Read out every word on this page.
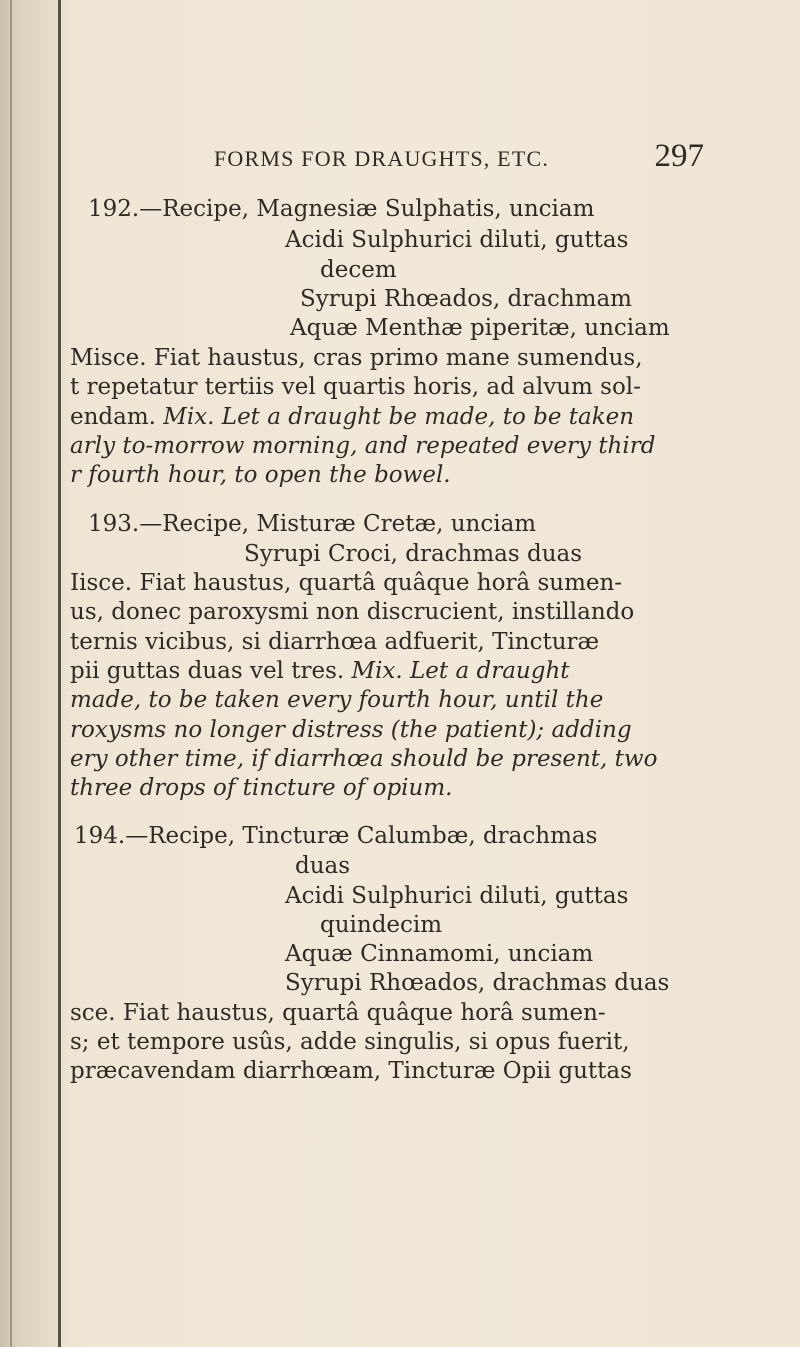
FORMS FOR DRAUGHTS, ETC.	297
192.—Recipe, Magnesiæ Sulphatis, unciam
Acidi Sulphurici diluti, guttas
decem
Syrupi Rhœados, drachmam
Aquæ Menthæ piperitæ, unciam
Misce. Fiat haustus, cras primo mane sumendus,
t repetatur tertiis vel quartis horis, ad alvum sol-
endam. Mix. Let a draught be made, to be taken
arly to-morrow morning, and repeated every third
r fourth hour, to open the bowel.
193.—Recipe, Misturæ Cretæ, unciam
Syrupi Croci, drachmas duas
Iisce. Fiat haustus, quartâ quâque horâ sumen-
us, donec paroxysmi non discrucient, instillando
ternis vicibus, si diarrhœa adfuerit, Tincturæ
pii guttas duas vel tres. Mix. Let a draught
made, to be taken every fourth hour, until the
roxysms no longer distress (the patient); adding
ery other time, if diarrhœa should be present, two
three drops of tincture of opium.
194.—Recipe, Tincturæ Calumbæ, drachmas
duas
Acidi Sulphurici diluti, guttas
quindecim
Aquæ Cinnamomi, unciam
Syrupi Rhœados, drachmas duas
sce. Fiat haustus, quartâ quâque horâ sumen-
s; et tempore usûs, adde singulis, si opus fuerit,
præcavendam diarrhœam, Tincturæ Opii guttas
